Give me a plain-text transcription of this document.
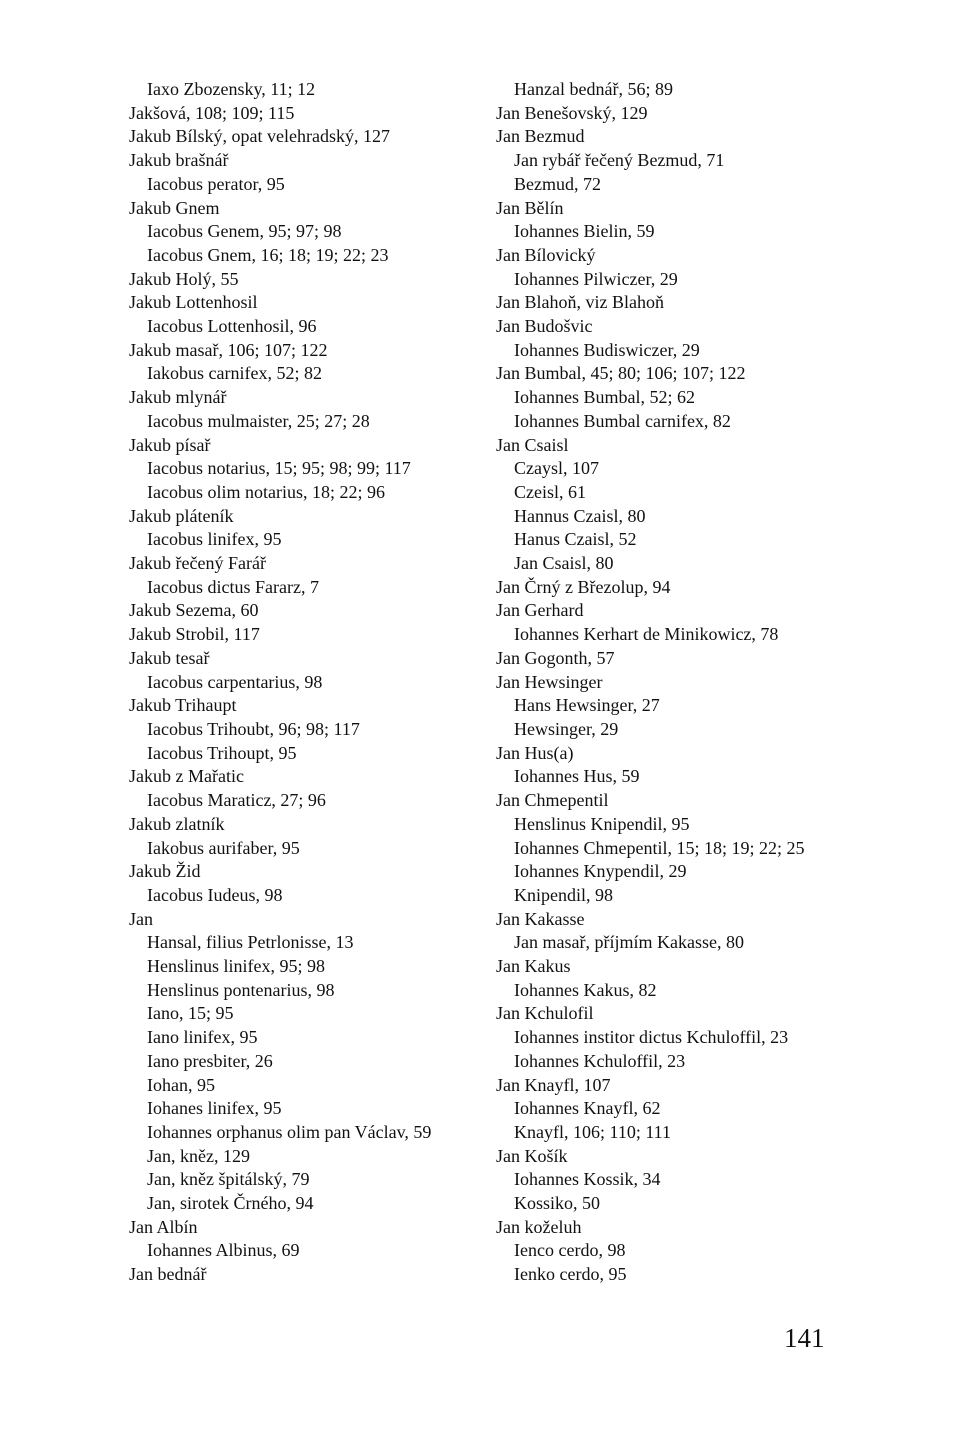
Iaxo Zbozensky, 11; 12
Jakšová, 108; 109; 115
Jakub Bílský, opat velehradský, 127
Jakub brašnář
Iacobus perator, 95
Jakub Gnem
Iacobus Genem, 95; 97; 98
Iacobus Gnem, 16; 18; 19; 22; 23
Jakub Holý, 55
Jakub Lottenhosil
Iacobus Lottenhosil, 96
Jakub masař, 106; 107; 122
Iakobus carnifex, 52; 82
Jakub mlynář
Iacobus mulmaister, 25; 27; 28
Jakub písař
Iacobus notarius, 15; 95; 98; 99; 117
Iacobus olim notarius, 18; 22; 96
Jakub pláteník
Iacobus linifex, 95
Jakub řečený Farář
Iacobus dictus Fararz, 7
Jakub Sezema, 60
Jakub Strobil, 117
Jakub tesař
Iacobus carpentarius, 98
Jakub Trihaupt
Iacobus Trihoubt, 96; 98; 117
Iacobus Trihoupt, 95
Jakub z Mařatic
Iacobus Maraticz, 27; 96
Jakub zlatník
Iakobus aurifaber, 95
Jakub Žid
Iacobus Iudeus, 98
Jan
Hansal, filius Petrlonisse, 13
Henslinus linifex, 95; 98
Henslinus pontenarius, 98
Iano, 15; 95
Iano linifex, 95
Iano presbiter, 26
Iohan, 95
Iohanes linifex, 95
Iohannes orphanus olim pan Václav, 59
Jan, kněz, 129
Jan, kněz špitálský, 79
Jan, sirotek Črného, 94
Jan Albín
Iohannes Albinus, 69
Jan bednář
Hanzal bednář, 56; 89
Jan Benešovský, 129
Jan Bezmud
Jan rybář řečený Bezmud, 71
Bezmud, 72
Jan Bělín
Iohannes Bielin, 59
Jan Bílovický
Iohannes Pilwiczer, 29
Jan Blahoň, viz Blahoň
Jan Budošvic
Iohannes Budiswiczer, 29
Jan Bumbal, 45; 80; 106; 107; 122
Iohannes Bumbal, 52; 62
Iohannes Bumbal carnifex, 82
Jan Csaisl
Czaysl, 107
Czeisl, 61
Hannus Czaisl, 80
Hanus Czaisl, 52
Jan Csaisl, 80
Jan Črný z Březolup, 94
Jan Gerhard
Iohannes Kerhart de Minikowicz, 78
Jan Gogonth, 57
Jan Hewsinger
Hans Hewsinger, 27
Hewsinger, 29
Jan Hus(a)
Iohannes Hus, 59
Jan Chmepentil
Henslinus Knipendil, 95
Iohannes Chmepentil, 15; 18; 19; 22; 25
Iohannes Knypendil, 29
Knipendil, 98
Jan Kakasse
Jan masař, příjmím Kakasse, 80
Jan Kakus
Iohannes Kakus, 82
Jan Kchulofil
Iohannes institor dictus Kchuloffil, 23
Iohannes Kchuloffil, 23
Jan Knayfl, 107
Iohannes Knayfl, 62
Knayfl, 106; 110; 111
Jan Košík
Iohannes Kossik, 34
Kossiko, 50
Jan koželuh
Ienco cerdo, 98
Ienko cerdo, 95
141
